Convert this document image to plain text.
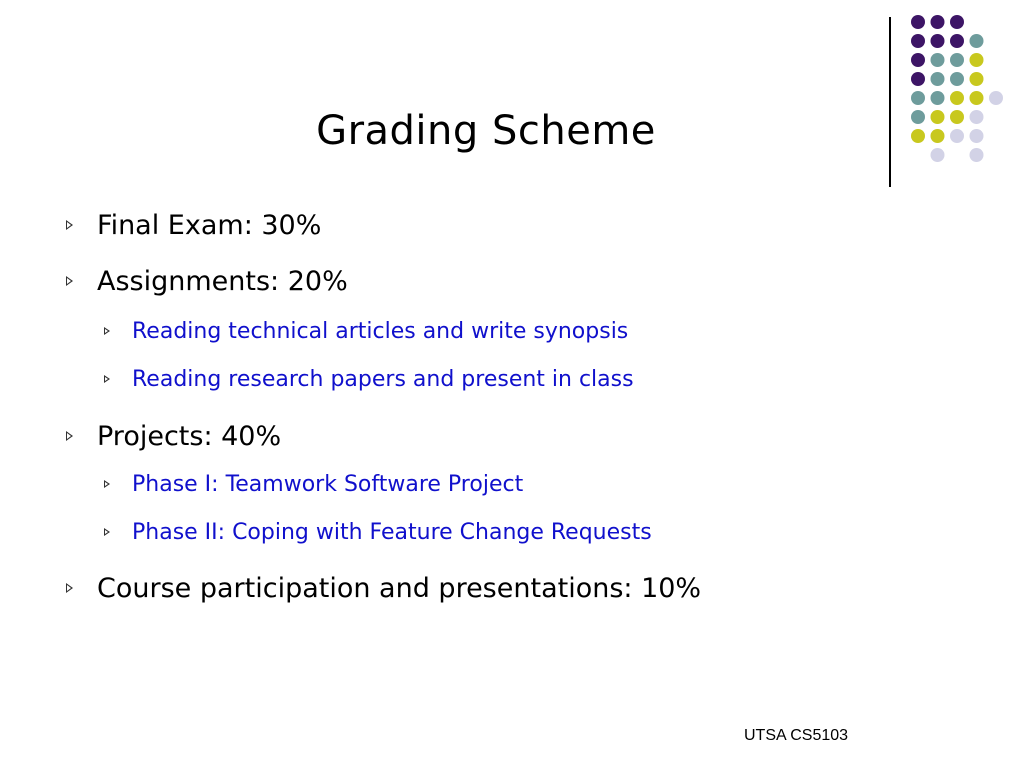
Grading Scheme
Final Exam: 30%
Assignments: 20%
Reading technical articles and write synopsis
Reading research papers and present in class
Projects: 40%
Phase I: Teamwork Software Project
Phase II: Coping with Feature Change Requests
Course participation and presentations: 10%
UTSA CS5103
